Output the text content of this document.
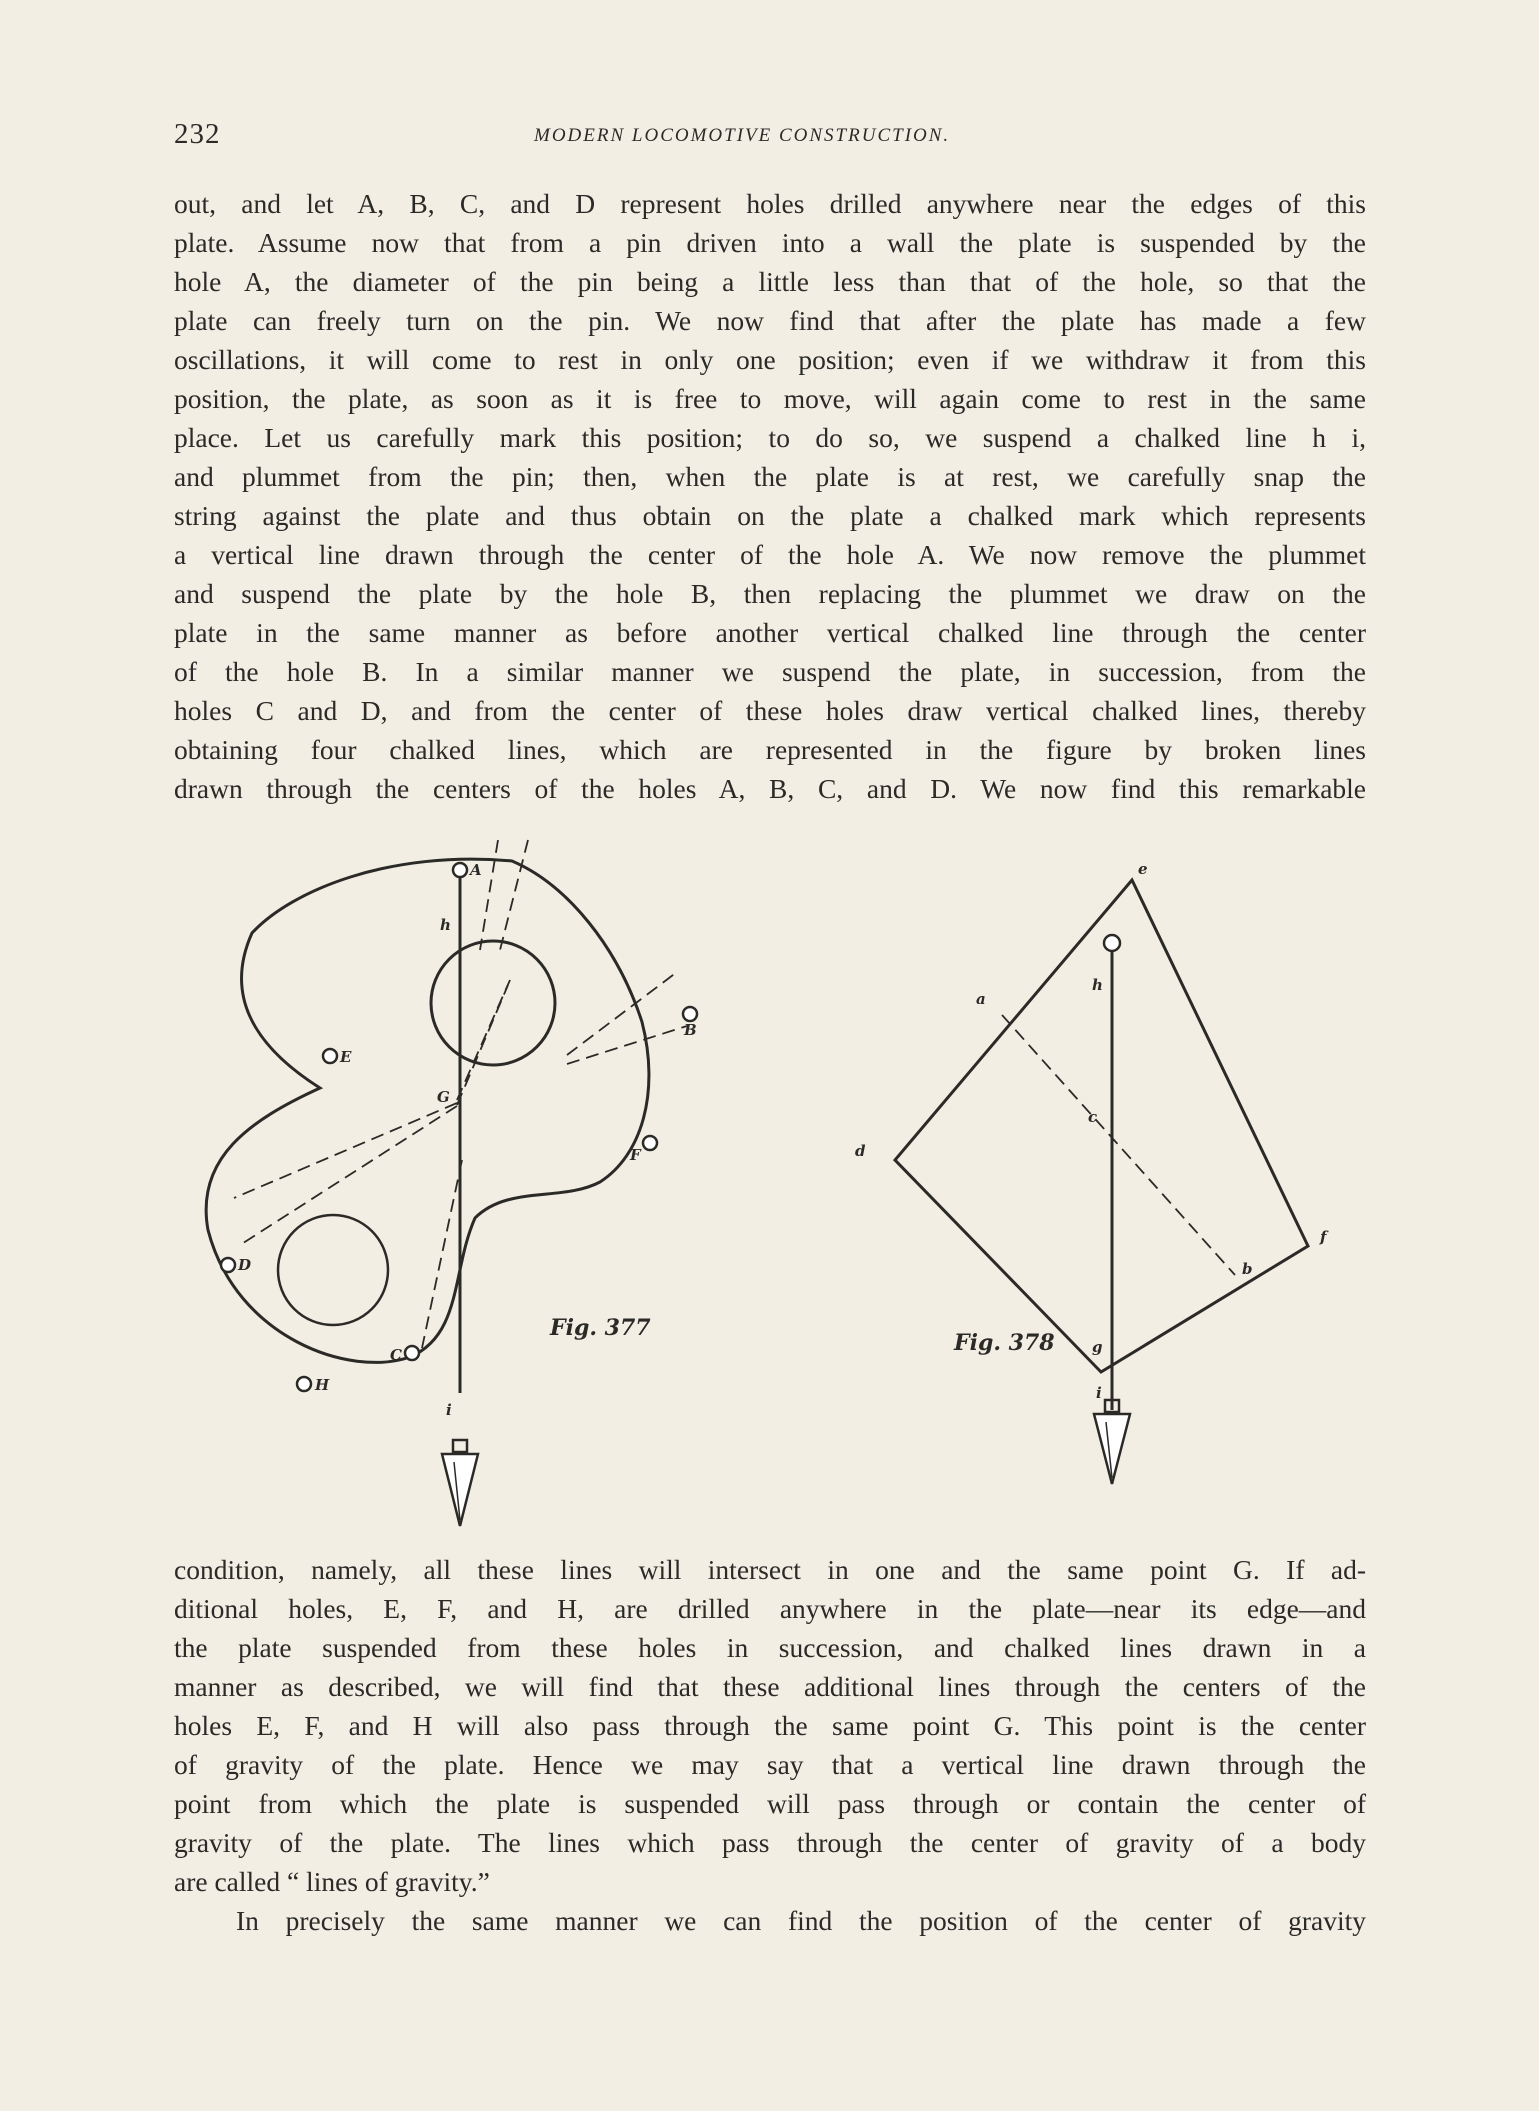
232	MODERN LOCOMOTIVE CONSTRUCTION.

out, and let A, B, C, and D represent holes drilled anywhere near the edges of this
plate. Assume now that from a pin driven into a wall the plate is suspended by the
hole A, the diameter of the pin being a little less than that of the hole, so that the
plate can freely turn on the pin. We now find that after the plate has made a few
oscillations, it will come to rest in only one position; even if we withdraw it from this
position, the plate, as soon as it is free to move, will again come to rest in the same
place. Let us carefully mark this position; to do so, we suspend a chalked line h i,
and plummet from the pin; then, when the plate is at rest, we carefully snap the
string against the plate and thus obtain on the plate a chalked mark which represents
a vertical line drawn through the center of the hole A. We now remove the plummet
and suspend the plate by the hole B, then replacing the plummet we draw on the
plate in the same manner as before another vertical chalked line through the center
of the hole B. In a similar manner we suspend the plate, in succession, from the
holes C and D, and from the center of these holes draw vertical chalked lines, thereby
obtaining four chalked lines, which are represented in the figure by broken lines
drawn through the centers of the holes A, B, C, and D. We now find this remarkable

A
h
B
E
G
F
D
C
H
i
Fig. 377
e
a
h
c
d
f
b
g
i
Fig. 378

condition, namely, all these lines will intersect in one and the same point G. If ad-
ditional holes, E, F, and H, are drilled anywhere in the plate—near its edge—and
the plate suspended from these holes in succession, and chalked lines drawn in a
manner as described, we will find that these additional lines through the centers of the
holes E, F, and H will also pass through the same point G. This point is the center
of gravity of the plate. Hence we may say that a vertical line drawn through the
point from which the plate is suspended will pass through or contain the center of
gravity of the plate. The lines which pass through the center of gravity of a body
are called “ lines of gravity.”

In precisely the same manner we can find the position of the center of gravity
